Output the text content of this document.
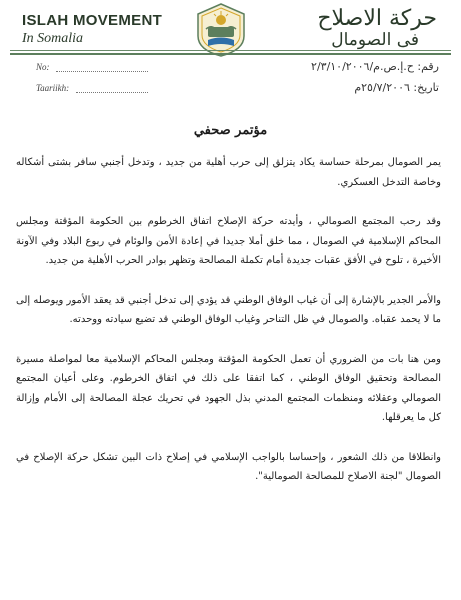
ISLAH MOVEMENT
In Somalia
حركة الاصلاح
فى الصومال
No:
Taariikh:
رقم: ح.إ.ص.م/٢/٣/١٠/٢٠٠٦
تاريخ: ٢٥/٧/٢٠٠٦م
مؤتمر صحفي

يمر الصومال بمرحلة حساسة يكاد يتزلق إلى حرب أهلية من جديد ، وتدخل أجنبي سافر بشتى أشكاله وخاصة التدخل العسكري.

وقد رحب المجتمع الصومالي ، وأيدته حركة الإصلاح اتفاق الخرطوم بين الحكومة المؤقتة ومجلس المحاكم الإسلامية في الصومال ، مما خلق أملا جديدا في إعادة الأمن والوئام في ربوع البلاد وفي الآونة الأخيرة ، تلوح في الأفق عقبات جديدة أمام تكملة المصالحة وتظهر بوادر الحرب الأهلية من جديد.

والأمر الجدير بالإشارة إلى أن غياب الوفاق الوطني قد يؤدي إلى تدخل أجنبي قد يعقد الأمور ويوصله إلى ما لا يحمد عقباه. والصومال في ظل التناحر وغياب الوفاق الوطني قد تضيع سيادته ووحدته.

ومن هنا بات من الضروري أن تعمل الحكومة المؤقتة ومجلس المحاكم الإسلامية معا لمواصلة مسيرة المصالحة وتحقيق الوفاق الوطني ، كما اتفقا على ذلك في اتفاق الخرطوم. وعلى أعيان المجتمع الصومالي وعقلائه ومنظمات المجتمع المدني بذل الجهود في تحريك عجلة المصالحة إلى الأمام وإزالة كل ما يعرقلها.

وانطلاقا من ذلك الشعور ، وإحساسا بالواجب الإسلامي في إصلاح ذات البين تشكل حركة الإصلاح في الصومال "لجنة الاصلاح للمصالحة الصومالية".
